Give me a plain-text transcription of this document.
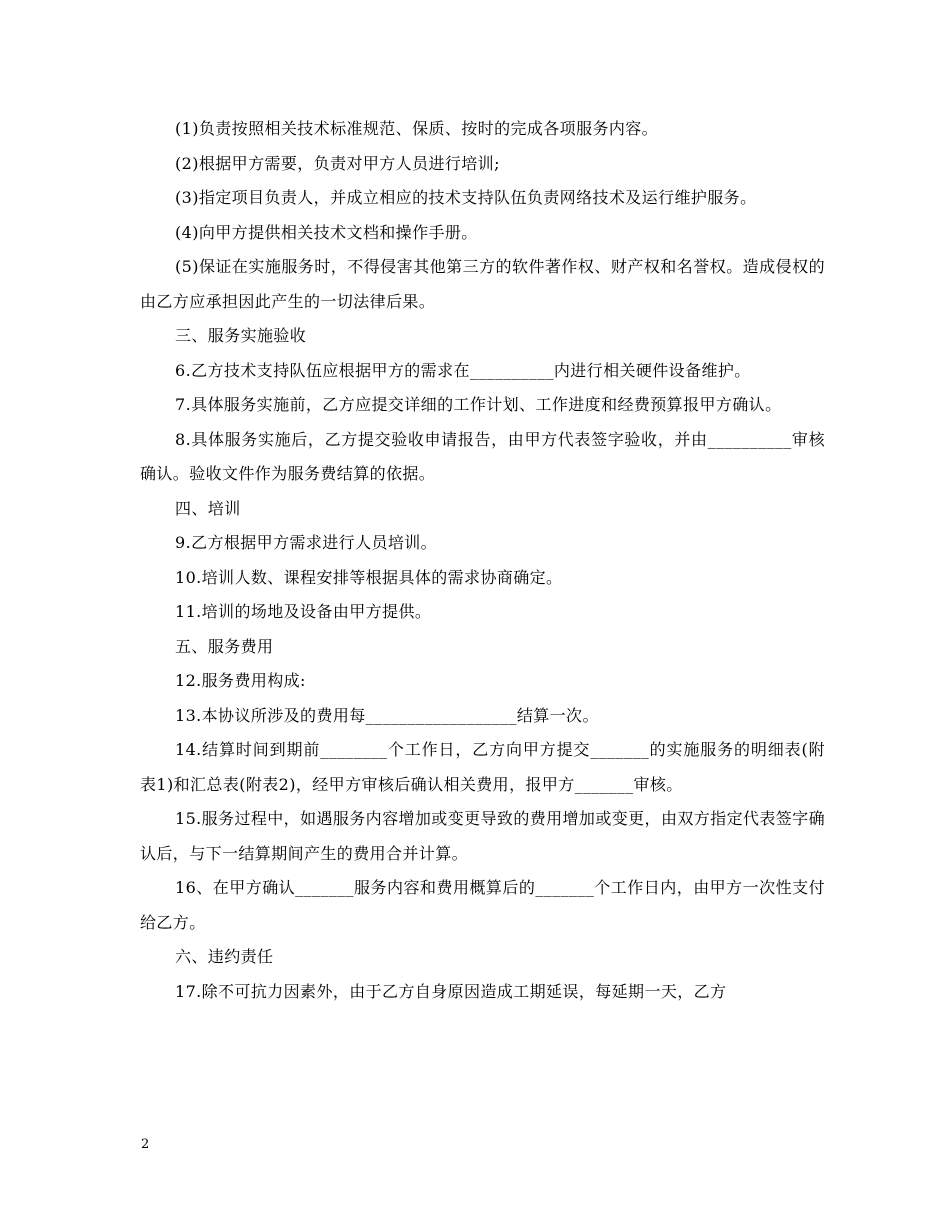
(1)负责按照相关技术标准规范、保质、按时的完成各项服务内容。

(2)根据甲方需要，负责对甲方人员进行培训;

(3)指定项目负责人，并成立相应的技术支持队伍负责网络技术及运行维护服务。

(4)向甲方提供相关技术文档和操作手册。

(5)保证在实施服务时，不得侵害其他第三方的软件著作权、财产权和名誉权。造成侵权的由乙方应承担因此产生的一切法律后果。

三、服务实施验收

6.乙方技术支持队伍应根据甲方的需求在__________内进行相关硬件设备维护。

7.具体服务实施前，乙方应提交详细的工作计划、工作进度和经费预算报甲方确认。

8.具体服务实施后，乙方提交验收申请报告，由甲方代表签字验收，并由__________审核确认。验收文件作为服务费结算的依据。

四、培训

9.乙方根据甲方需求进行人员培训。

10.培训人数、课程安排等根据具体的需求协商确定。

11.培训的场地及设备由甲方提供。

五、服务费用

12.服务费用构成:

13.本协议所涉及的费用每__________________结算一次。

14.结算时间到期前________个工作日，乙方向甲方提交_______的实施服务的明细表(附表1)和汇总表(附表2)，经甲方审核后确认相关费用，报甲方_______审核。

15.服务过程中，如遇服务内容增加或变更导致的费用增加或变更，由双方指定代表签字确认后，与下一结算期间产生的费用合并计算。

16、在甲方确认_______服务内容和费用概算后的_______个工作日内，由甲方一次性支付给乙方。

六、违约责任

17.除不可抗力因素外，由于乙方自身原因造成工期延误，每延期一天，乙方

2
